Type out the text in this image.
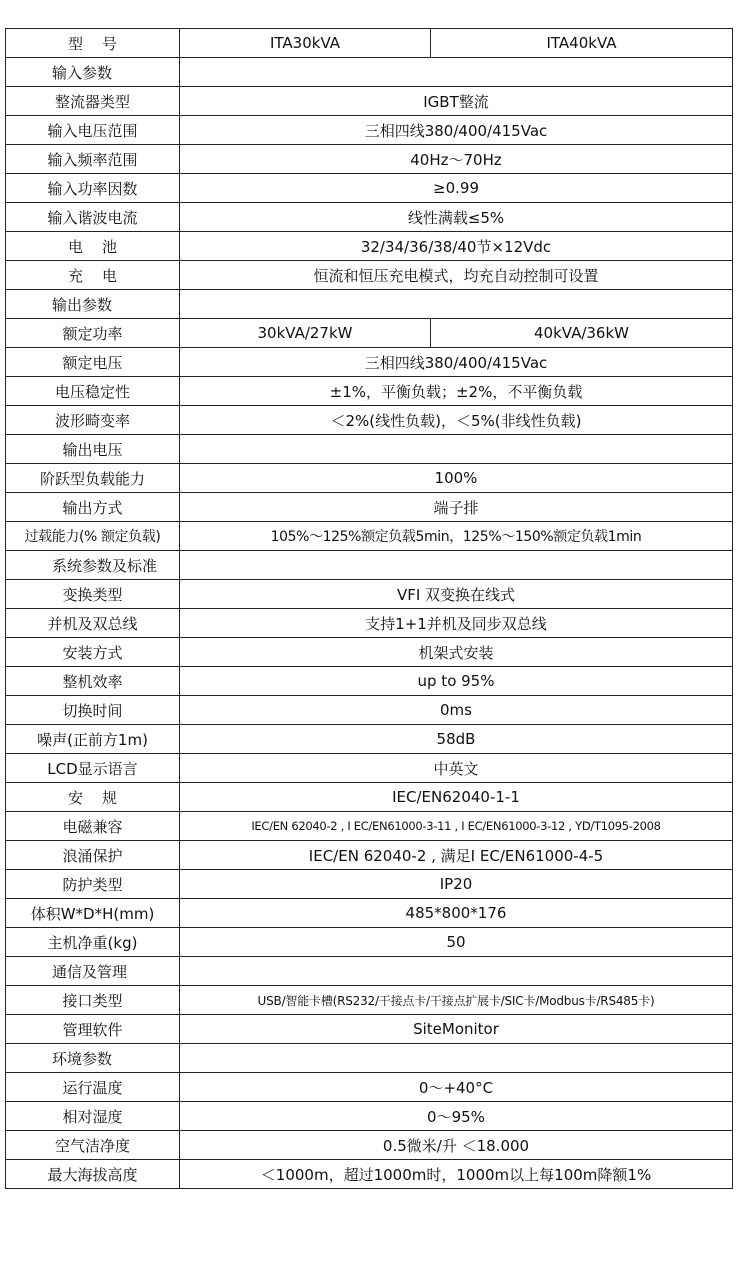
型    号	ITA30kVA	ITA40kVA
输入参数		
整流器类型	IGBT整流	
输入电压范围	三相四线380/400/415Vac	
输入频率范围	40Hz～70Hz	
输入功率因数	≥0.99	
输入谐波电流	线性满载≤5%	
电    池	32/34/36/38/40节×12Vdc	
充    电	恒流和恒压充电模式，均充自动控制可设置	
输出参数		
额定功率	30kVA/27kW	40kVA/36kW
额定电压	三相四线380/400/415Vac	
电压稳定性	±1%，平衡负载；±2%，不平衡负载	
波形畸变率	＜2%(线性负载)，＜5%(非线性负载)	
输出电压		
阶跃型负载能力	100%	
输出方式	端子排	
过载能力(% 额定负载)	105%～125%额定负载5min，125%～150%额定负载1min	
系统参数及标准		
变换类型	VFI 双变换在线式	
并机及双总线	支持1+1并机及同步双总线	
安装方式	机架式安装	
整机效率	up to 95%	
切换时间	0ms	
噪声(正前方1m)	58dB	
LCD显示语言	中英文	
安    规	IEC/EN62040-1-1	
电磁兼容	IEC/EN 62040-2 , I EC/EN61000-3-11 , I EC/EN61000-3-12 , YD/T1095-2008	
浪涌保护	IEC/EN 62040-2 , 满足I EC/EN61000-4-5	
防护类型	IP20	
体积W*D*H(mm)	485*800*176	
主机净重(kg)	50	
通信及管理		
接口类型	USB/智能卡槽(RS232/干接点卡/干接点扩展卡/SIC卡/Modbus卡/RS485卡)	
管理软件	SiteMonitor	
环境参数		
运行温度	0～+40°C	
相对湿度	0～95%	
空气洁净度	0.5微米/升 ＜18.000	
最大海拔高度	＜1000m，超过1000m时，1000m以上每100m降额1%	
